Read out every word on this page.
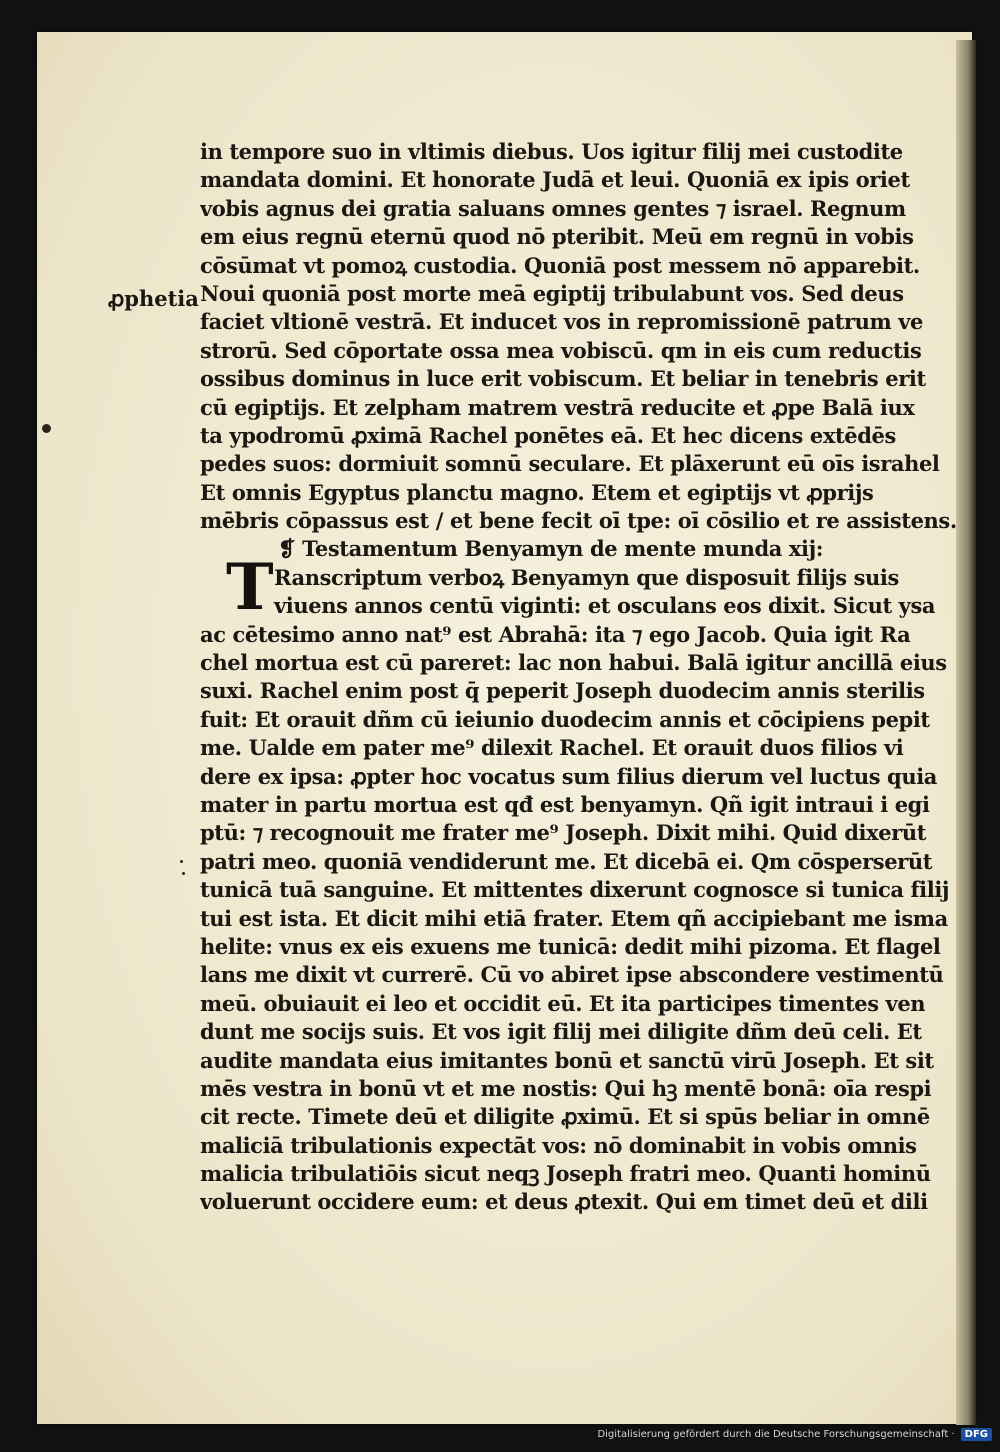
ꝓphetia
T
in tempore suo in vltimis diebus. Uos igitur filij mei custodite
mandata domini. Et honorate Judā et leui. Quoniā ex ipis oriet
vobis agnus dei gratia saluans omnes gentes ⁊ israel. Regnum
em eius regnū eternū quod nō pteribit. Meū em regnū in vobis
cōsūmat vt pomoꝝ custodia. Quoniā post messem nō apparebit.
Noui quoniā post morte meā egiptij tribulabunt vos. Sed deus
faciet vltionē vestrā. Et inducet vos in repromissionē patrum ve
strorū. Sed cōportate ossa mea vobiscū. qm in eis cum reductis
ossibus dominus in luce erit vobiscum. Et beliar in tenebris erit
cū egiptijs. Et zelpham matrem vestrā reducite et ꝓpe Balā iux
ta ypodromū ꝓximā Rachel ponētes eā. Et hec dicens extēdēs
pedes suos: dormiuit somnū seculare. Et plāxerunt eū oīs israhel
Et omnis Egyptus planctu magno. Etem et egiptijs vt ꝓprijs
mēbris cōpassus est / et bene fecit oī tpe: oī cōsilio et re assistens.
❡ Testamentum Benyamyn de mente munda xij:
Ranscriptum verboꝝ Benyamyn que disposuit filijs suis
viuens annos centū viginti: et osculans eos dixit. Sicut ysa
ac cētesimo anno nat⁹ est Abrahā: ita ⁊ ego Jacob. Quia igit Ra
chel mortua est cū pareret: lac non habui. Balā igitur ancillā eius
suxi. Rachel enim post q̄ peperit Joseph duodecim annis sterilis
fuit: Et orauit dñm cū ieiunio duodecim annis et cōcipiens pepit
me. Ualde em pater me⁹ dilexit Rachel. Et orauit duos filios vi
dere ex ipsa: ꝓpter hoc vocatus sum filius dierum vel luctus quia
mater in partu mortua est qđ est benyamyn. Qñ igit intraui i egi
ptū: ⁊ recognouit me frater me⁹ Joseph. Dixit mihi. Quid dixerūt
patri meo. quoniā vendiderunt me. Et dicebā ei. Qm cōsperserūt
tunicā tuā sanguine. Et mittentes dixerunt cognosce si tunica filij
tui est ista. Et dicit mihi etiā frater. Etem qñ accipiebant me isma
helite: vnus ex eis exuens me tunicā: dedit mihi pizoma. Et flagel
lans me dixit vt currerē. Cū vo abiret ipse abscondere vestimentū
meū. obuiauit ei leo et occidit eū. Et ita participes timentes ven
dunt me socijs suis. Et vos igit filij mei diligite dñm deū celi. Et
audite mandata eius imitantes bonū et sanctū virū Joseph. Et sit
mēs vestra in bonū vt et me nostis: Qui hꝫ mentē bonā: oīa respi
cit recte. Timete deū et diligite ꝓximū. Et si spūs beliar in omnē
maliciā tribulationis expectāt vos: nō dominabit in vobis omnis
malicia tribulatiōis sicut neqꝫ Joseph fratri meo. Quanti hominū
voluerunt occidere eum: et deus ꝓtexit. Qui em timet deū et dili
Digitalisierung gefördert durch die Deutsche Forschungsgemeinschaft ·	DFG
